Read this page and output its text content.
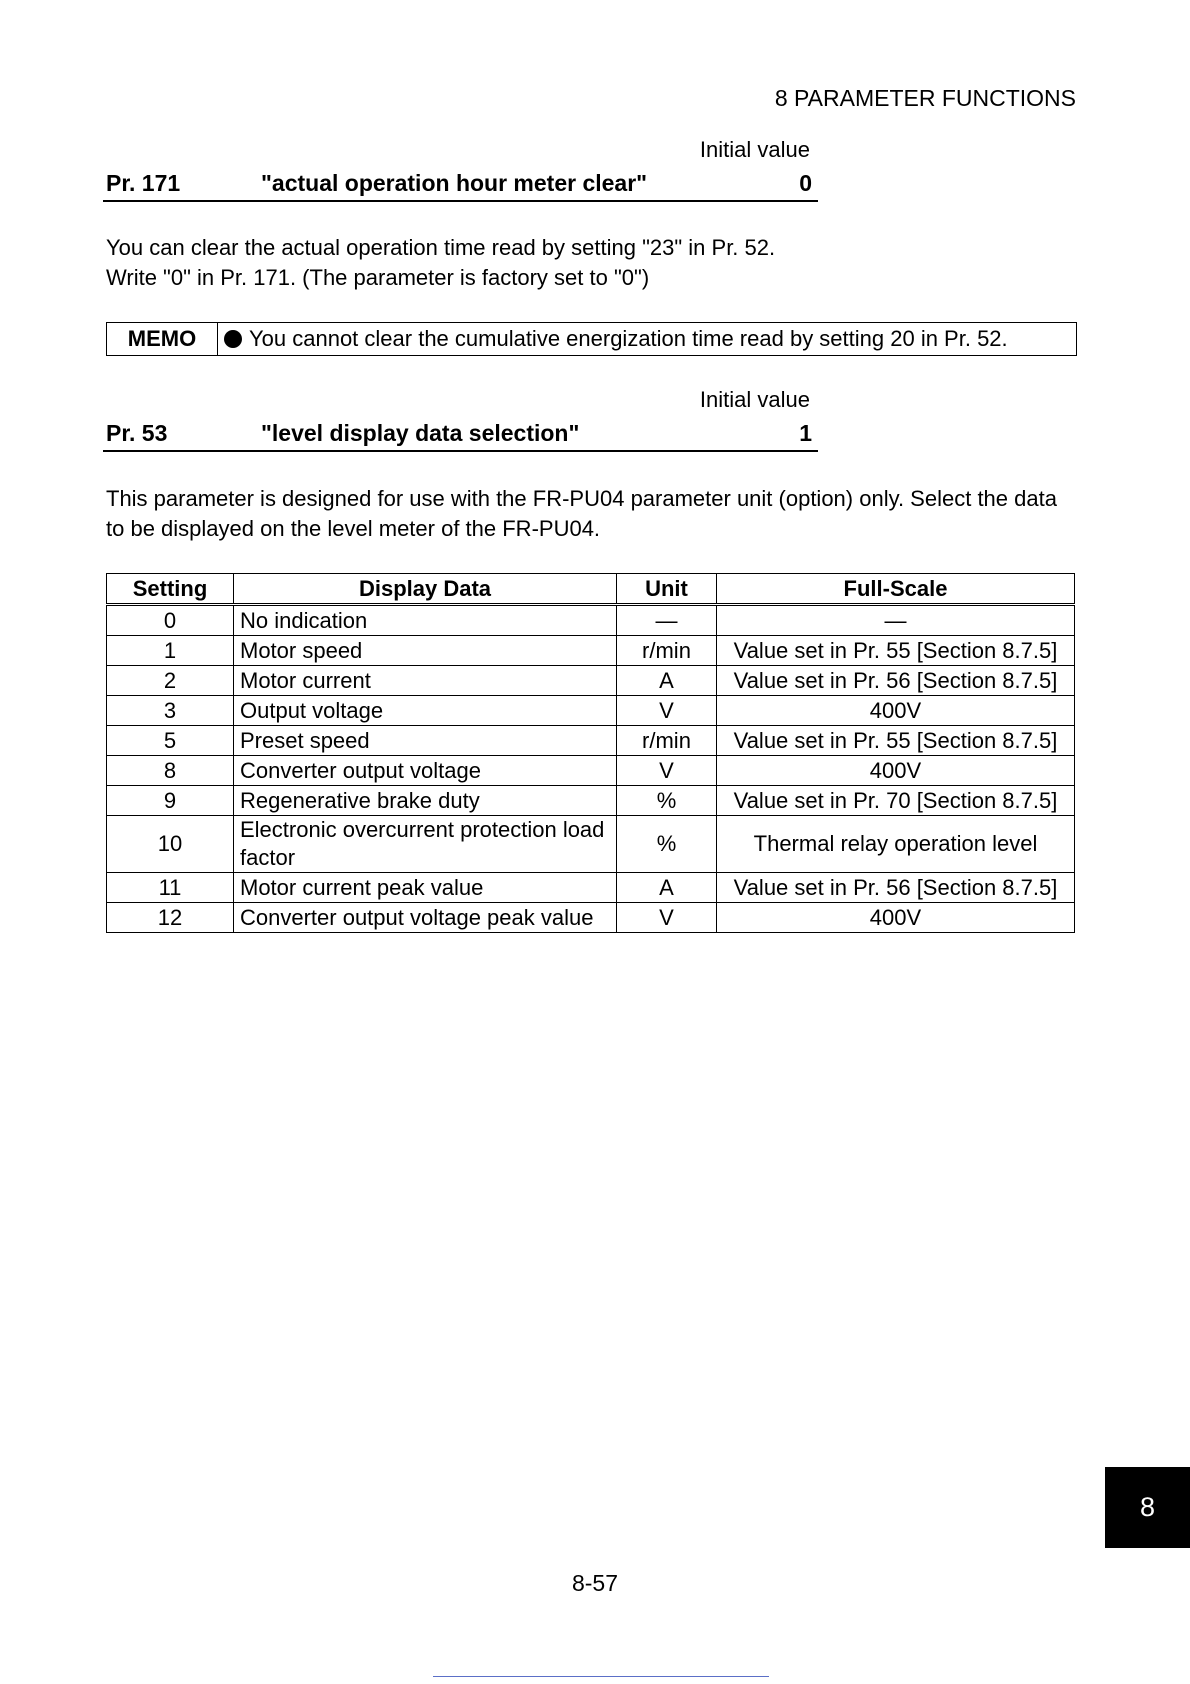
8 PARAMETER FUNCTIONS
Initial value
Pr. 171	"actual operation hour meter clear"	0
You can clear the actual operation time read by setting "23" in Pr. 52.
Write "0" in Pr. 171. (The parameter is factory set to "0")
MEMO	You cannot clear the cumulative energization time read by setting 20 in Pr. 52.
Initial value
Pr. 53	"level display data selection"	1
This parameter is designed for use with the FR-PU04 parameter unit (option) only. Select the data
to be displayed on the level meter of the FR-PU04.
Setting	Display Data	Unit	Full-Scale
0	No indication	—	—
1	Motor speed	r/min	Value set in Pr. 55 [Section 8.7.5]
2	Motor current	A	Value set in Pr. 56 [Section 8.7.5]
3	Output voltage	V	400V
5	Preset speed	r/min	Value set in Pr. 55 [Section 8.7.5]
8	Converter output voltage	V	400V
9	Regenerative brake duty	%	Value set in Pr. 70 [Section 8.7.5]
10	Electronic overcurrent protection load factor	%	Thermal relay operation level
11	Motor current peak value	A	Value set in Pr. 56 [Section 8.7.5]
12	Converter output voltage peak value	V	400V
8
8-57
